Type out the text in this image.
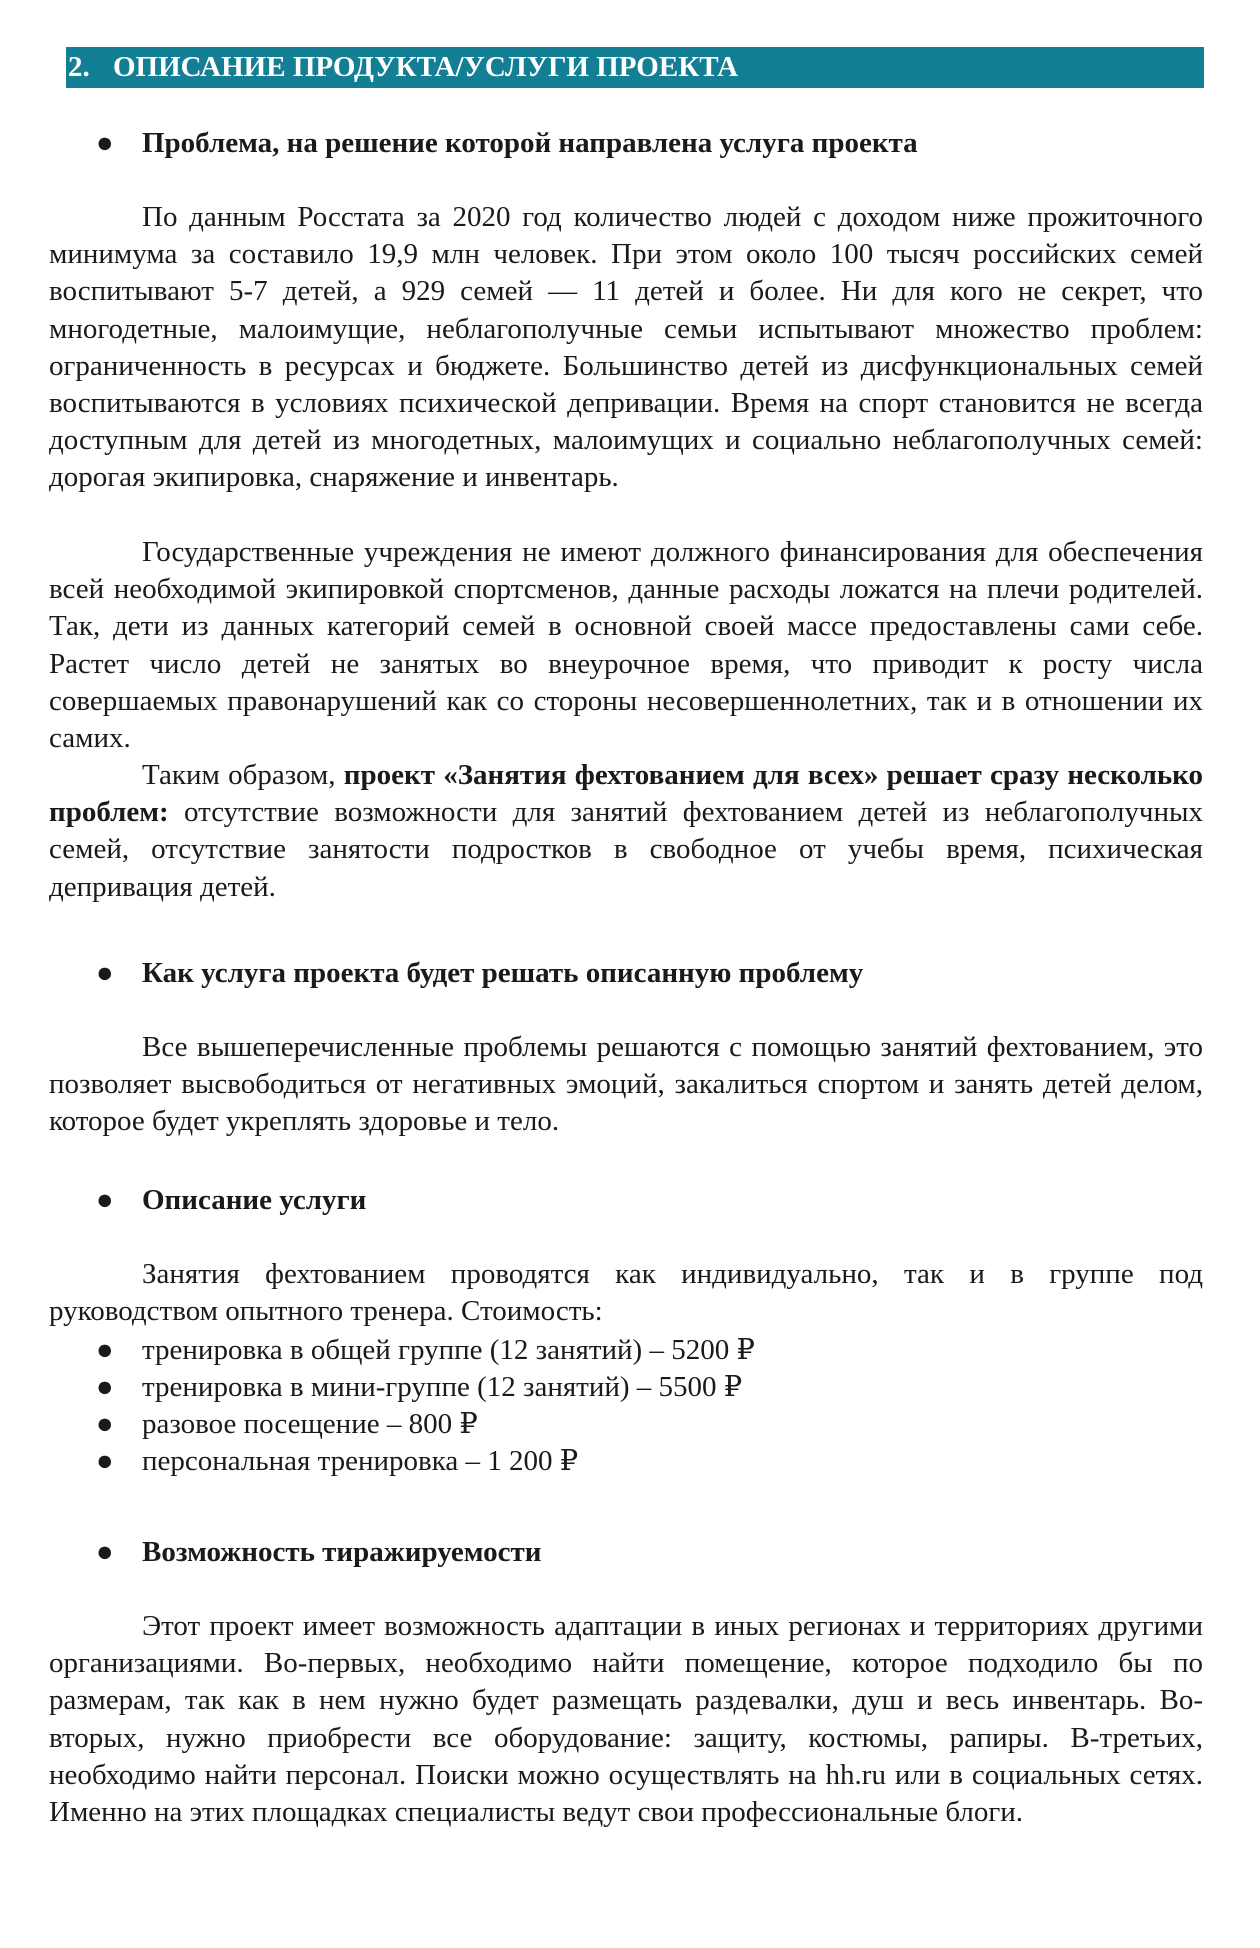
2. ОПИСАНИЕ ПРОДУКТА/УСЛУГИ ПРОЕКТА
● Проблема, на решение которой направлена услуга проекта

По данным Росстата за 2020 год количество людей с доходом ниже прожиточного минимума за составило 19,9 млн человек. При этом около 100 тысяч российских семей воспитывают 5-7 детей, а 929 семей — 11 детей и более. Ни для кого не секрет, что многодетные, малоимущие, неблагополучные семьи испытывают множество проблем: ограниченность в ресурсах и бюджете. Большинство детей из дисфункциональных семей воспитываются в условиях психической депривации. Время на спорт становится не всегда доступным для детей из многодетных, малоимущих и социально неблагополучных семей: дорогая экипировка, снаряжение и инвентарь.

Государственные учреждения не имеют должного финансирования для обеспечения всей необходимой экипировкой спортсменов, данные расходы ложатся на плечи родителей. Так, дети из данных категорий семей в основной своей массе предоставлены сами себе. Растет число детей не занятых во внеурочное время, что приводит к росту числа совершаемых правонарушений как со стороны несовершеннолетних, так и в отношении их самих.

Таким образом, проект «Занятия фехтованием для всех» решает сразу несколько проблем: отсутствие возможности для занятий фехтованием детей из неблагополучных семей, отсутствие занятости подростков в свободное от учебы время, психическая депривация детей.

● Как услуга проекта будет решать описанную проблему

Все вышеперечисленные проблемы решаются с помощью занятий фехтованием, это позволяет высвободиться от негативных эмоций, закалиться спортом и занять детей делом, которое будет укреплять здоровье и тело.

● Описание услуги

Занятия фехтованием проводятся как индивидуально, так и в группе под руководством опытного тренера. Стоимость:

● тренировка в общей группе (12 занятий) – 5200 ₽
● тренировка в мини-группе (12 занятий) – 5500 ₽
● разовое посещение – 800 ₽
● персональная тренировка – 1 200 ₽
● Возможность тиражируемости

Этот проект имеет возможность адаптации в иных регионах и территориях другими организациями. Во-первых, необходимо найти помещение, которое подходило бы по размерам, так как в нем нужно будет размещать раздевалки, душ и весь инвентарь. Во-вторых, нужно приобрести все оборудование: защиту, костюмы, рапиры. В-третьих, необходимо найти персонал. Поиски можно осуществлять на hh.ru или в социальных сетях. Именно на этих площадках специалисты ведут свои профессиональные блоги.
